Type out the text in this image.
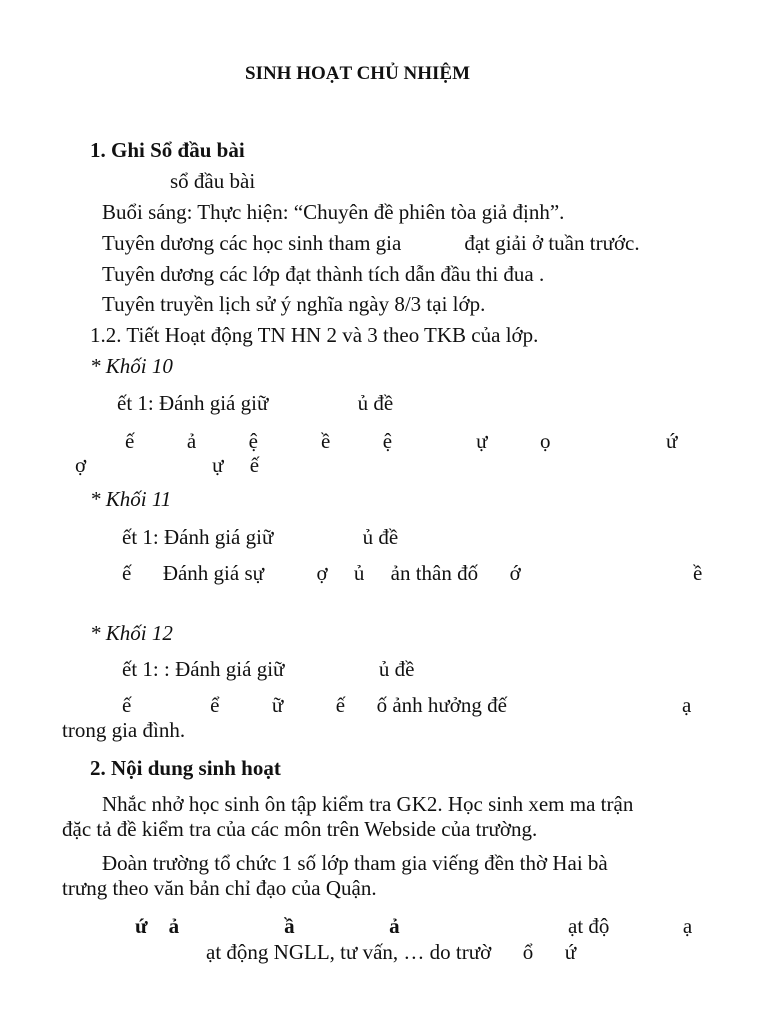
SINH HOẠT CHỦ NHIỆM
1. Ghi Sổ đầu bài
sổ đầu bài
Buổi sáng: Thực hiện: “Chuyên đề phiên tòa giả định”.
Tuyên dương các học sinh tham gia            đạt giải ở tuần trước.
Tuyên dương các lớp đạt thành tích dẫn đầu thi đua .
Tuyên truyền lịch sử ý nghĩa ngày 8/3 tại lớp.
1.2. Tiết Hoạt động TN HN 2 và 3 theo TKB của lớp.
* Khối 10
ết 1: Đánh giá giữ                 ủ đề
ế          ả          ệ            ề          ệ                ự          ọ                      ứ
ợ                        ự     ế
* Khối 11
ết 1: Đánh giá giữ                 ủ đề
ế      Đánh giá sự          ợ     ủ     ản thân đố      ớ	ề
* Khối 12
ết 1: : Đánh giá giữ                  ủ đề
ế               ể          ữ          ế      ố ảnh hưởng đế	ạ
trong gia đình.
2. Nội dung sinh hoạt
Nhắc nhở học sinh ôn tập kiểm tra GK2. Học sinh xem ma trận
đặc tả đề kiểm tra của các môn trên Webside của trường.
Đoàn trường tổ chức 1 số lớp tham gia viếng đền thờ Hai bà
trưng theo văn bản chỉ đạo của Quận.
ứ    ả                    ầ                  ả	ạt độ              ạ
ạt động NGLL, tư vấn, … do trườ      ổ      ứ
